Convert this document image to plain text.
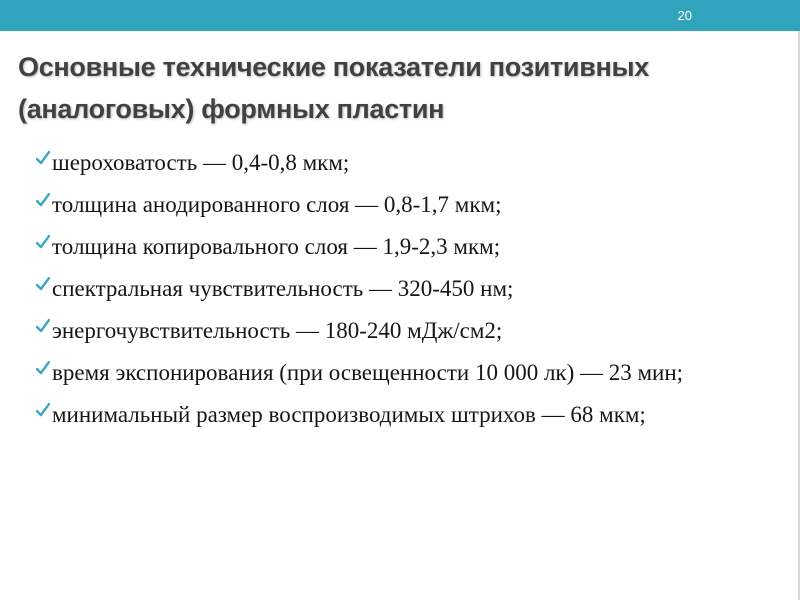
20
Основные технические показатели позитивных (аналоговых) формных пластин
шероховатость — 0,4-0,8 мкм;
толщина анодированного слоя — 0,8-1,7 мкм;
толщина копировального слоя — 1,9-2,3 мкм;
спектральная чувствительность — 320-450 нм;
энергочувствительность — 180-240 мДж/см2;
время экспонирования (при освещенности 10 000 лк) — 23 мин;
минимальный размер воспроизводимых штрихов — 68 мкм;
